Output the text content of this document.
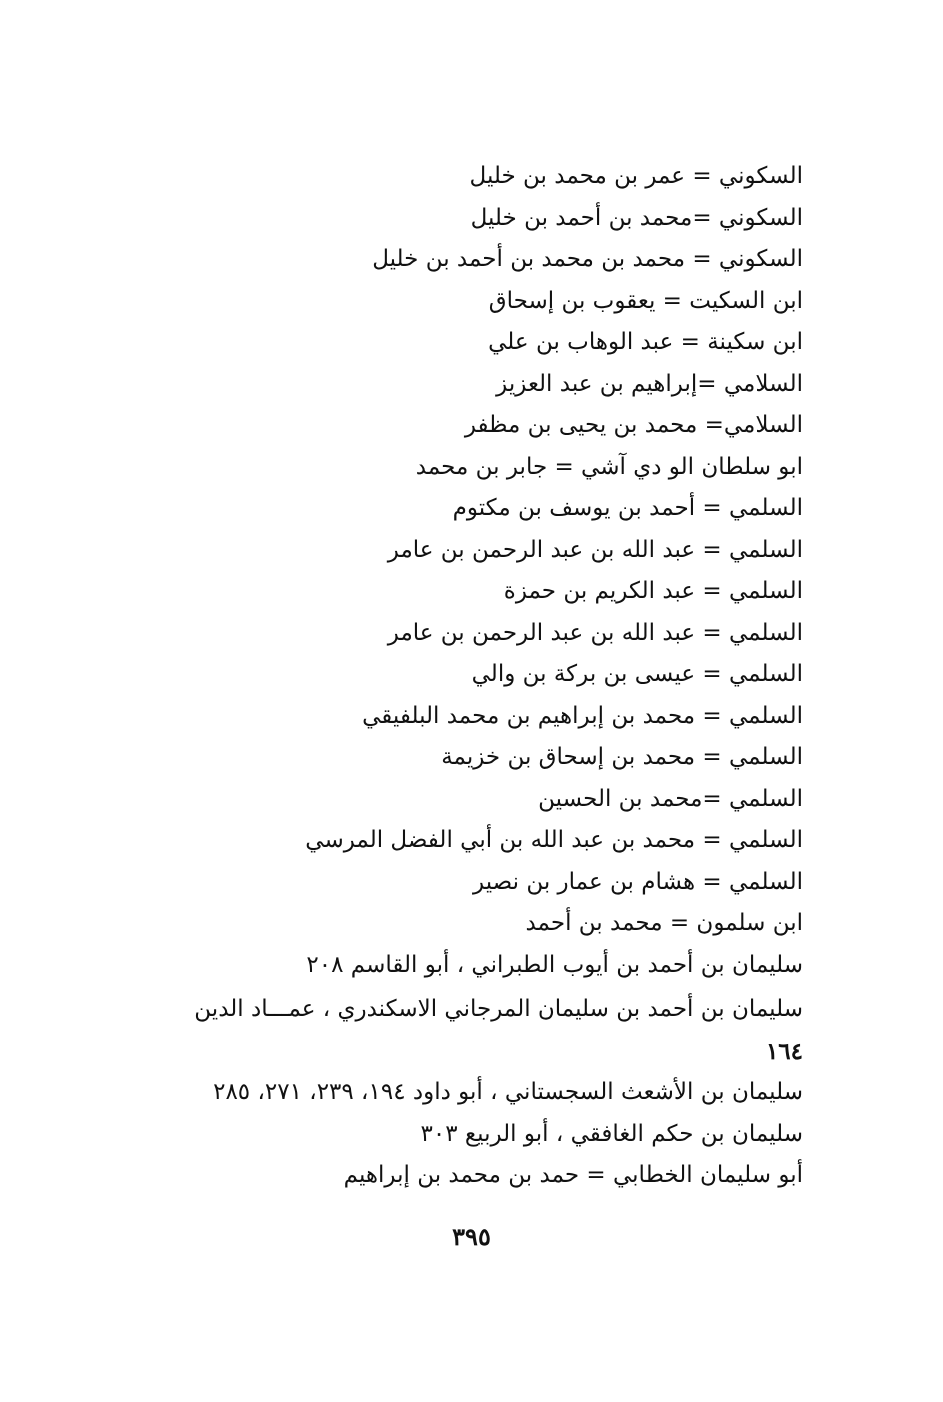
السكوني = عمر بن محمد بن خليل
السكوني =محمد بن أحمد بن خليل
السكوني = محمد بن محمد بن أحمد بن خليل
ابن السكيت = يعقوب بن إسحاق
ابن سكينة = عبد الوهاب بن علي
السلامي =إبراهيم بن عبد العزيز
السلامي= محمد بن يحيى بن مظفر
ابو سلطان الو دي آشي = جابر بن محمد
السلمي = أحمد بن يوسف بن مكتوم
السلمي = عبد الله بن عبد الرحمن بن عامر
السلمي = عبد الكريم بن حمزة
السلمي = عبد الله بن عبد الرحمن بن عامر
السلمي = عيسى بن بركة بن والي
السلمي = محمد بن إبراهيم بن محمد البلفيقي
السلمي = محمد بن إسحاق بن خزيمة
السلمي =محمد بن الحسين
السلمي = محمد بن عبد الله بن أبي الفضل المرسي
السلمي = هشام بن عمار بن نصير
ابن سلمون = محمد بن أحمد
سليمان بن أحمد بن أيوب الطبراني ، أبو القاسم ٢٠٨
سليمان بن أحمد بن سليمان المرجاني الاسكندري ، عمـــاد الدين
١٦٤
سليمان بن الأشعث السجستاني ، أبو داود ١٩٤، ٢٣٩، ٢٧١، ٢٨٥
سليمان بن حكم الغافقي ، أبو الربيع ٣٠٣
أبو سليمان الخطابي = حمد بن محمد بن إبراهيم
٣٩٥
